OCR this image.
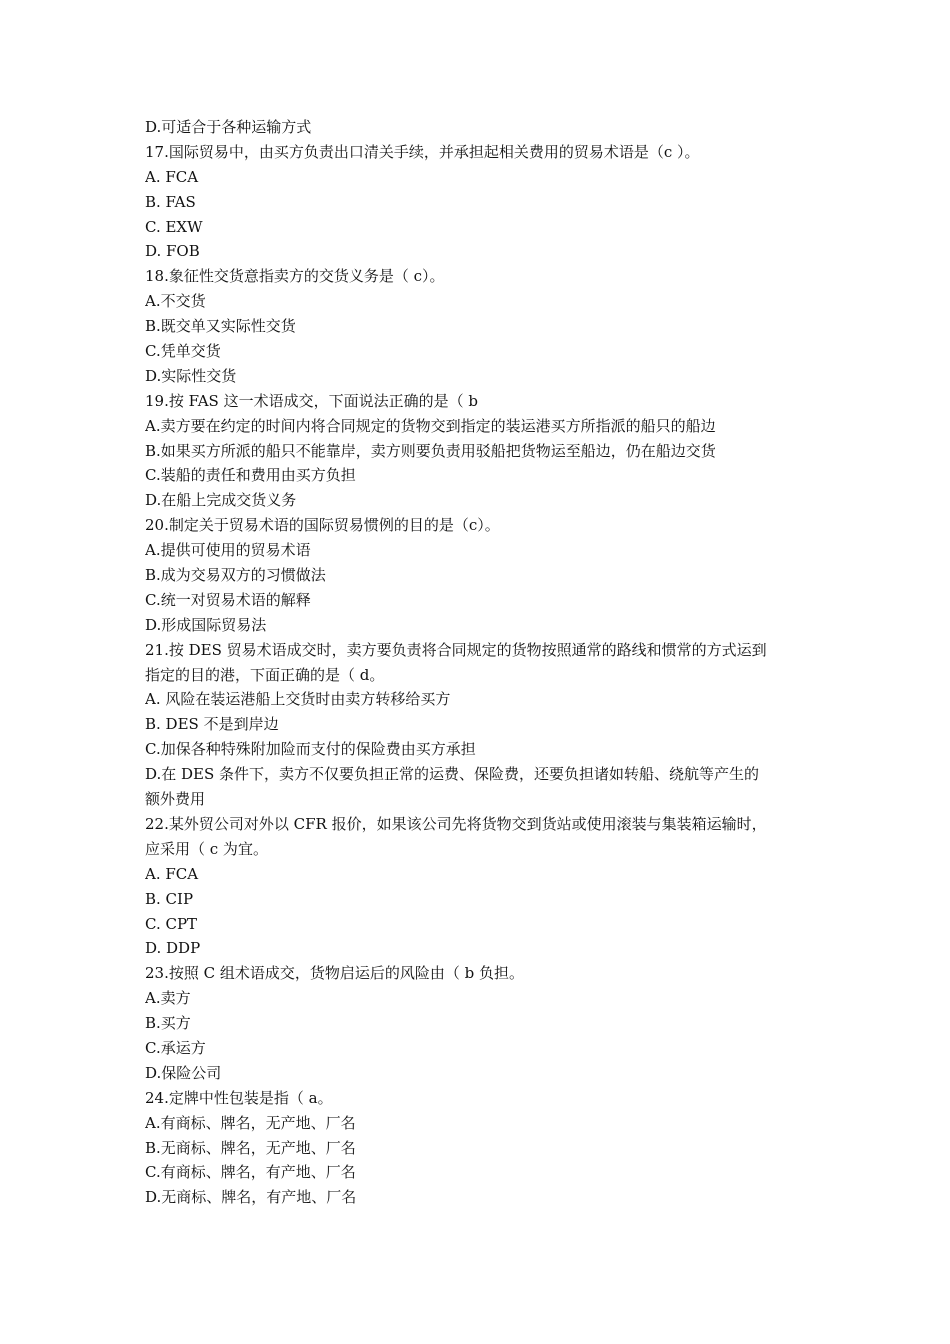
D.可适合于各种运输方式
17.国际贸易中，由买方负责出口清关手续，并承担起相关费用的贸易术语是（c ）。
A. FCA
B. FAS
C. EXW
D. FOB
18.象征性交货意指卖方的交货义务是（ c）。
A.不交货
B.既交单又实际性交货
C.凭单交货
D.实际性交货
19.按 FAS 这一术语成交，下面说法正确的是（ b
A.卖方要在约定的时间内将合同规定的货物交到指定的装运港买方所指派的船只的船边
B.如果买方所派的船只不能靠岸，卖方则要负责用驳船把货物运至船边，仍在船边交货
C.装船的责任和费用由买方负担
D.在船上完成交货义务
20.制定关于贸易术语的国际贸易惯例的目的是（c）。
A.提供可使用的贸易术语
B.成为交易双方的习惯做法
C.统一对贸易术语的解释
D.形成国际贸易法
21.按 DES 贸易术语成交时，卖方要负责将合同规定的货物按照通常的路线和惯常的方式运到
指定的目的港，下面正确的是（ d。
A. 风险在装运港船上交货时由卖方转移给买方
B. DES 不是到岸边
C.加保各种特殊附加险而支付的保险费由买方承担
D.在 DES 条件下，卖方不仅要负担正常的运费、保险费，还要负担诸如转船、绕航等产生的
额外费用
22.某外贸公司对外以 CFR 报价，如果该公司先将货物交到货站或使用滚装与集装箱运输时，
应采用（ c 为宜。
A. FCA
B. CIP
C. CPT
D. DDP
23.按照 C 组术语成交，货物启运后的风险由（ b 负担。
A.卖方
B.买方
C.承运方
D.保险公司
24.定牌中性包装是指（ a。
A.有商标、牌名，无产地、厂名
B.无商标、牌名，无产地、厂名
C.有商标、牌名，有产地、厂名
D.无商标、牌名，有产地、厂名
